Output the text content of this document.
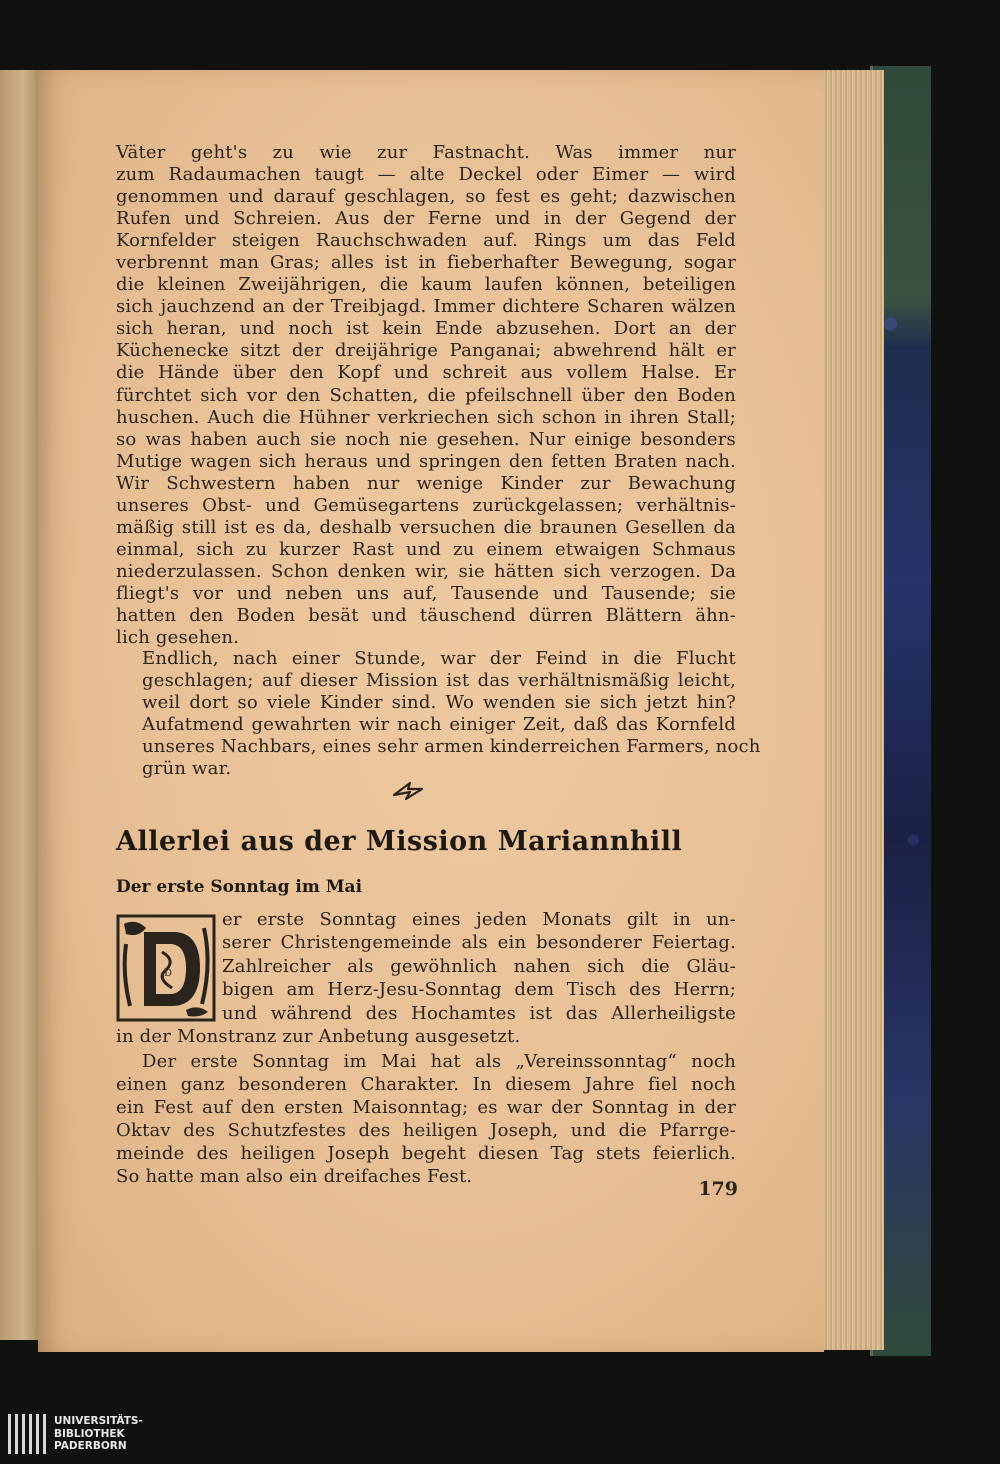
Väter geht's zu wie zur Fastnacht. Was immer nur
zum Radaumachen taugt — alte Deckel oder Eimer — wird
genommen und darauf geschlagen, so fest es geht; dazwischen
Rufen und Schreien. Aus der Ferne und in der Gegend der
Kornfelder steigen Rauchschwaden auf. Rings um das Feld
verbrennt man Gras; alles ist in fieberhafter Bewegung, sogar
die kleinen Zweijährigen, die kaum laufen können, beteiligen
sich jauchzend an der Treibjagd. Immer dichtere Scharen wälzen
sich heran, und noch ist kein Ende abzusehen. Dort an der
Küchenecke sitzt der dreijährige Panganai; abwehrend hält er
die Hände über den Kopf und schreit aus vollem Halse. Er
fürchtet sich vor den Schatten, die pfeilschnell über den Boden
huschen. Auch die Hühner verkriechen sich schon in ihren Stall;
so was haben auch sie noch nie gesehen. Nur einige besonders
Mutige wagen sich heraus und springen den fetten Braten nach.
Wir Schwestern haben nur wenige Kinder zur Bewachung
unseres Obst- und Gemüsegartens zurückgelassen; verhältnis-
mäßig still ist es da, deshalb versuchen die braunen Gesellen da
einmal, sich zu kurzer Rast und zu einem etwaigen Schmaus
niederzulassen. Schon denken wir, sie hätten sich verzogen. Da
fliegt's vor und neben uns auf, Tausende und Tausende; sie
hatten den Boden besät und täuschend dürren Blättern ähn-
lich gesehen.
Endlich, nach einer Stunde, war der Feind in die Flucht
geschlagen; auf dieser Mission ist das verhältnismäßig leicht,
weil dort so viele Kinder sind. Wo wenden sie sich jetzt hin?
Aufatmend gewahrten wir nach einiger Zeit, daß das Kornfeld
unseres Nachbars, eines sehr armen kinderreichen Farmers, noch
grün war.
Allerlei aus der Mission Mariannhill
Der erste Sonntag im Mai
D
er erste Sonntag eines jeden Monats gilt in un-
serer Christengemeinde als ein besonderer Feiertag.
Zahlreicher als gewöhnlich nahen sich die Gläu-
bigen am Herz-Jesu-Sonntag dem Tisch des Herrn;
und während des Hochamtes ist das Allerheiligste
in der Monstranz zur Anbetung ausgesetzt.
Der erste Sonntag im Mai hat als „Vereinssonntag“ noch
einen ganz besonderen Charakter. In diesem Jahre fiel noch
ein Fest auf den ersten Maisonntag; es war der Sonntag in der
Oktav des Schutzfestes des heiligen Joseph, und die Pfarrge-
meinde des heiligen Joseph begeht diesen Tag stets feierlich.
So hatte man also ein dreifaches Fest.
179
UNIVERSITÄTS-
BIBLIOTHEK
PADERBORN
